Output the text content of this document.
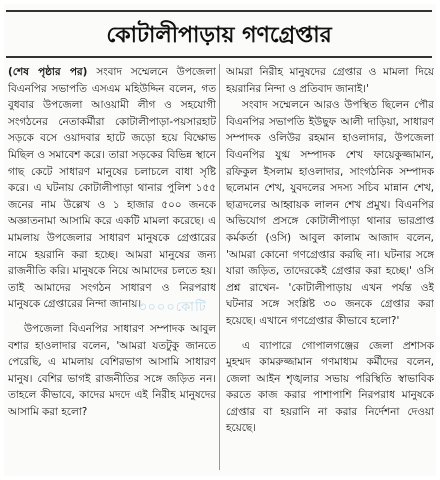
কোটালীপাড়ায় গণগ্রেপ্তার

(শেষ পৃষ্ঠার পর) সংবাদ সম্মেলনে উপজেলা বিএনপির সভাপতি এসএম মহিউদ্দিন বলেন, গত বুধবার উপজেলা আওয়ামী লীগ ও সহযোগী সংগঠনের নেতাকর্মীরা কোটালীপাড়া-পয়সারহাট সড়কে বসে ওয়াদবার হাটে জড়ো হয়ে বিক্ষোভ মিছিল ও সমাবেশ করে। তারা সড়কের বিভিন্ন স্থানে গাছ কেটে সাধারণ মানুষের চলাচলে বাধা সৃষ্টি করে। এ ঘটনায় কোটালীপাড়া থানার পুলিশ ১৫৫ জনের নাম উল্লেখ ও ১ হাজার ৫০০ জনকে অজ্ঞাতনামা আসামি করে একটি মামলা করেছে। এ মামলায় উপজেলার সাধারণ মানুষকে গ্রেপ্তারের নামে হয়রানি করা হচ্ছে। আমরা মানুষের জন্য রাজনীতি করি। মানুষকে নিয়ে আমাদের চলতে হয়। তাই আমাদের সংগঠন সাধারণ ও নিরপরাধ মানুষকে গ্রেপ্তারের নিন্দা জানায়।

উপজেলা বিএনপির সাধারণ সম্পাদক আবুল বশার হাওলাদার বলেন, 'আমরা যতটুকু জানতে পেরেছি, এ মামলায় বেশিরভাগ আসামি সাধারণ মানুষ। বেশির ভাগই রাজনীতির সঙ্গে জড়িত নন। তাহলে কীভাবে, কাদের মদদে এই নিরীহ মানুষদের আসামি করা হলো?

আমরা নিরীহ মানুষদের গ্রেপ্তার ও মামলা দিয়ে হয়রানির নিন্দা ও প্রতিবাদ জানাই।'

সংবাদ সম্মেলনে আরও উপস্থিত ছিলেন পৌর বিএনপির সভাপতি ইউছুফ আলী দাড়িয়া, সাধারণ সম্পাদক ওলিউর রহমান হাওলাদার, উপজেলা বিএনপির যুগ্ম সম্পাদক শেখ ফায়েকুজ্জামান, রফিকুল ইসলাম হাওলাদার, সাংগঠনিক সম্পাদক ছলেমান শেখ, যুবদলের সদস্য সচিব মান্নান শেখ, ছাত্রদলের আহ্বায়ক লালন শেখ প্রমুখ। বিএনপির অভিযোগ প্রসঙ্গে কোটালীপাড়া থানার ভারপ্রাপ্ত কর্মকর্তা (ওসি) আবুল কালাম আজাদ বলেন, 'আমরা কোনো গণগ্রেপ্তার করছি না। ঘটনার সঙ্গে যারা জড়িত, তাদেরকেই গ্রেপ্তার করা হচ্ছে।' ওসি প্রশ্ন রাখেন- 'কোটালীপাড়ায় এখন পর্যন্ত ওই ঘটনার সঙ্গে সংশ্লিষ্ট ৩০ জনকে গ্রেপ্তার করা হয়েছে। এখানে গণগ্রেপ্তার কীভাবে হলো?'

এ ব্যাপারে গোপালগঞ্জের জেলা প্রশাসক মুহম্মদ কামরুজ্জামান গণমাধ্যম কর্মীদের বলেন, জেলা আইন শৃঙ্খলার সভায় পরিস্থিতি স্বাভাবিক করতে কাজ করার পাশাপাশি নিরপরাধ মানুষকে গ্রেপ্তার বা হয়রানি না করার নির্দেশনা দেওয়া হয়েছে।

৩০০০কোটি
